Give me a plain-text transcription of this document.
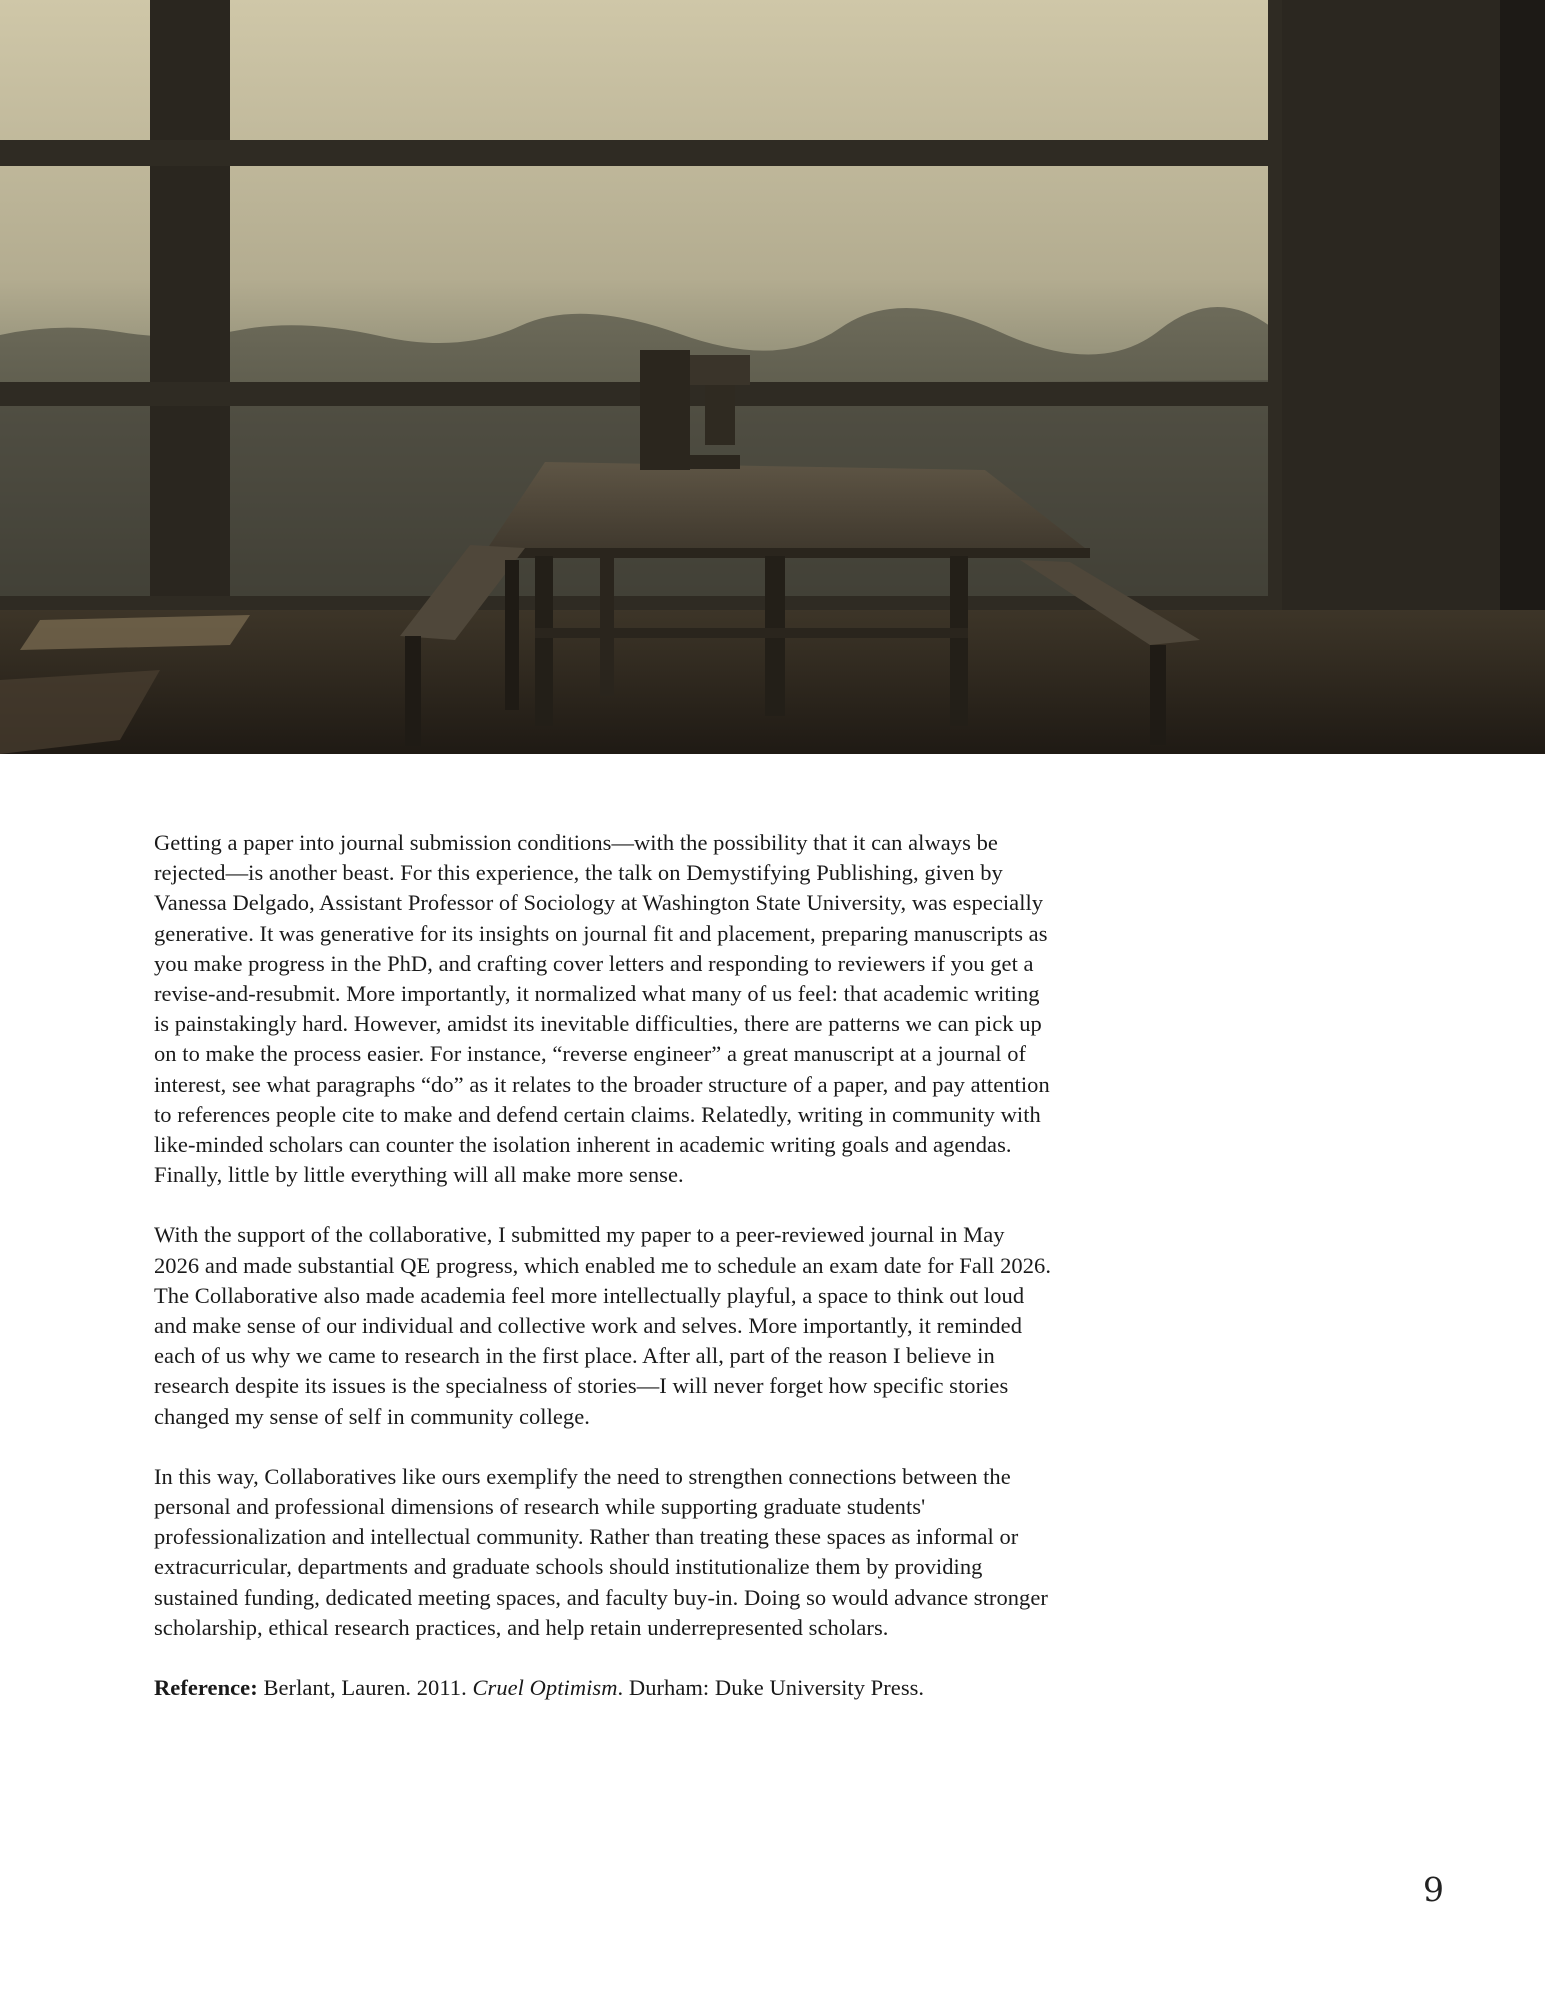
Getting a paper into journal submission conditions—with the possibility that it can always be rejected—is another beast. For this experience, the talk on Demystifying Publishing, given by Vanessa Delgado, Assistant Professor of Sociology at Washington State University, was especially generative. It was generative for its insights on journal fit and placement, preparing manuscripts as you make progress in the PhD, and crafting cover letters and responding to reviewers if you get a revise-and-resubmit. More importantly, it normalized what many of us feel: that academic writing is painstakingly hard. However, amidst its inevitable difficulties, there are patterns we can pick up on to make the process easier. For instance, “reverse engineer” a great manuscript at a journal of interest, see what paragraphs “do” as it relates to the broader structure of a paper, and pay attention to references people cite to make and defend certain claims. Relatedly, writing in community with like-minded scholars can counter the isolation inherent in academic writing goals and agendas. Finally, little by little everything will all make more sense.

With the support of the collaborative, I submitted my paper to a peer-reviewed journal in May 2026 and made substantial QE progress, which enabled me to schedule an exam date for Fall 2026. The Collaborative also made academia feel more intellectually playful, a space to think out loud and make sense of our individual and collective work and selves. More importantly, it reminded each of us why we came to research in the first place. After all, part of the reason I believe in research despite its issues is the specialness of stories—I will never forget how specific stories changed my sense of self in community college.

In this way, Collaboratives like ours exemplify the need to strengthen connections between the personal and professional dimensions of research while supporting graduate students' professionalization and intellectual community. Rather than treating these spaces as informal or extracurricular, departments and graduate schools should institutionalize them by providing sustained funding, dedicated meeting spaces, and faculty buy-in. Doing so would advance stronger scholarship, ethical research practices, and help retain underrepresented scholars.

Reference: Berlant, Lauren. 2011. Cruel Optimism. Durham: Duke University Press.

9
